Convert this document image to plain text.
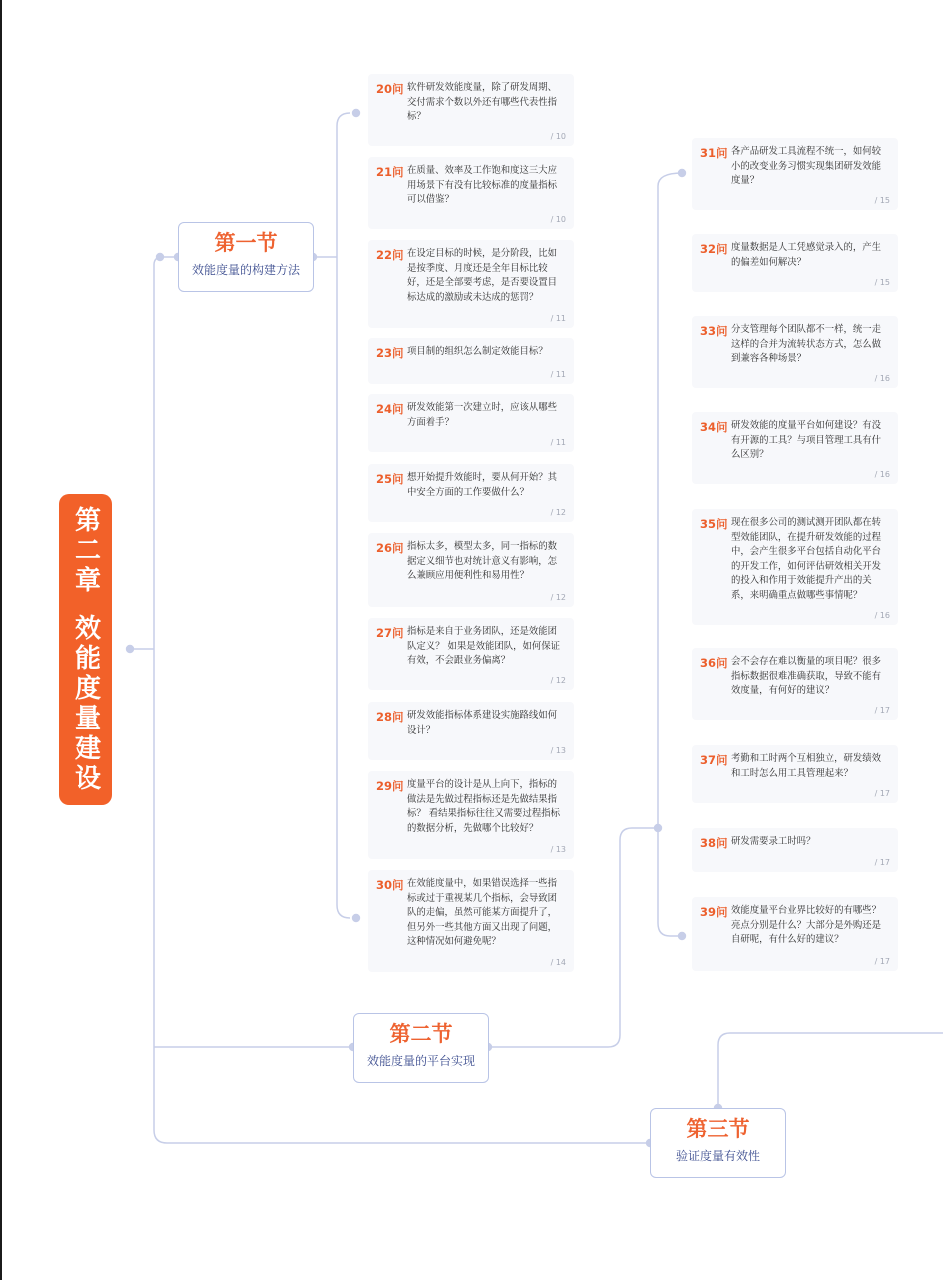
第二章
效能度量建设
第一节
效能度量的构建方法
第二节
效能度量的平台实现
第三节
验证度量有效性
20问 软件研发效能度量，除了研发周期、交付需求个数以外还有哪些代表性指标？
/ 10
21问 在质量、效率及工作饱和度这三大应用场景下有没有比较标准的度量指标可以借鉴？
/ 10
22问 在设定目标的时候，是分阶段，比如是按季度、月度还是全年目标比较好，还是全部要考虑，是否要设置目标达成的激励或未达成的惩罚？
/ 11
23问 项目制的组织怎么制定效能目标？
/ 11
24问 研发效能第一次建立时，应该从哪些方面着手？
/ 11
25问 想开始提升效能时，要从何开始？其中安全方面的工作要做什么？
/ 12
26问 指标太多，模型太多，同一指标的数据定义细节也对统计意义有影响，怎么兼顾应用便利性和易用性？
/ 12
27问 指标是来自于业务团队，还是效能团队定义？ 如果是效能团队，如何保证有效，不会跟业务偏离？
/ 12
28问 研发效能指标体系建设实施路线如何设计？
/ 13
29问 度量平台的设计是从上向下，指标的做法是先做过程指标还是先做结果指标？ 看结果指标往往又需要过程指标的数据分析，先做哪个比较好？
/ 13
30问 在效能度量中，如果错误选择一些指标或过于重视某几个指标，会导致团队的走偏，虽然可能某方面提升了，但另外一些其他方面又出现了问题，这种情况如何避免呢？
/ 14
31问 各产品研发工具流程不统一，如何较小的改变业务习惯实现集团研发效能度量？
/ 15
32问 度量数据是人工凭感觉录入的，产生的偏差如何解决？
/ 15
33问 分支管理每个团队都不一样，统一走这样的合并为流转状态方式，怎么做到兼容各种场景？
/ 16
34问 研发效能的度量平台如何建设？有没有开源的工具？与项目管理工具有什么区别？
/ 16
35问 现在很多公司的测试测开团队都在转型效能团队，在提升研发效能的过程中，会产生很多平台包括自动化平台的开发工作，如何评估研效相关开发的投入和作用于效能提升产出的关系，来明确重点做哪些事情呢？
/ 16
36问 会不会存在难以衡量的项目呢？很多指标数据很难准确获取，导致不能有效度量，有何好的建议？
/ 17
37问 考勤和工时两个互相独立，研发绩效和工时怎么用工具管理起来？
/ 17
38问 研发需要录工时吗？
/ 17
39问 效能度量平台业界比较好的有哪些？亮点分别是什么？大部分是外购还是自研呢，有什么好的建议？
/ 17
